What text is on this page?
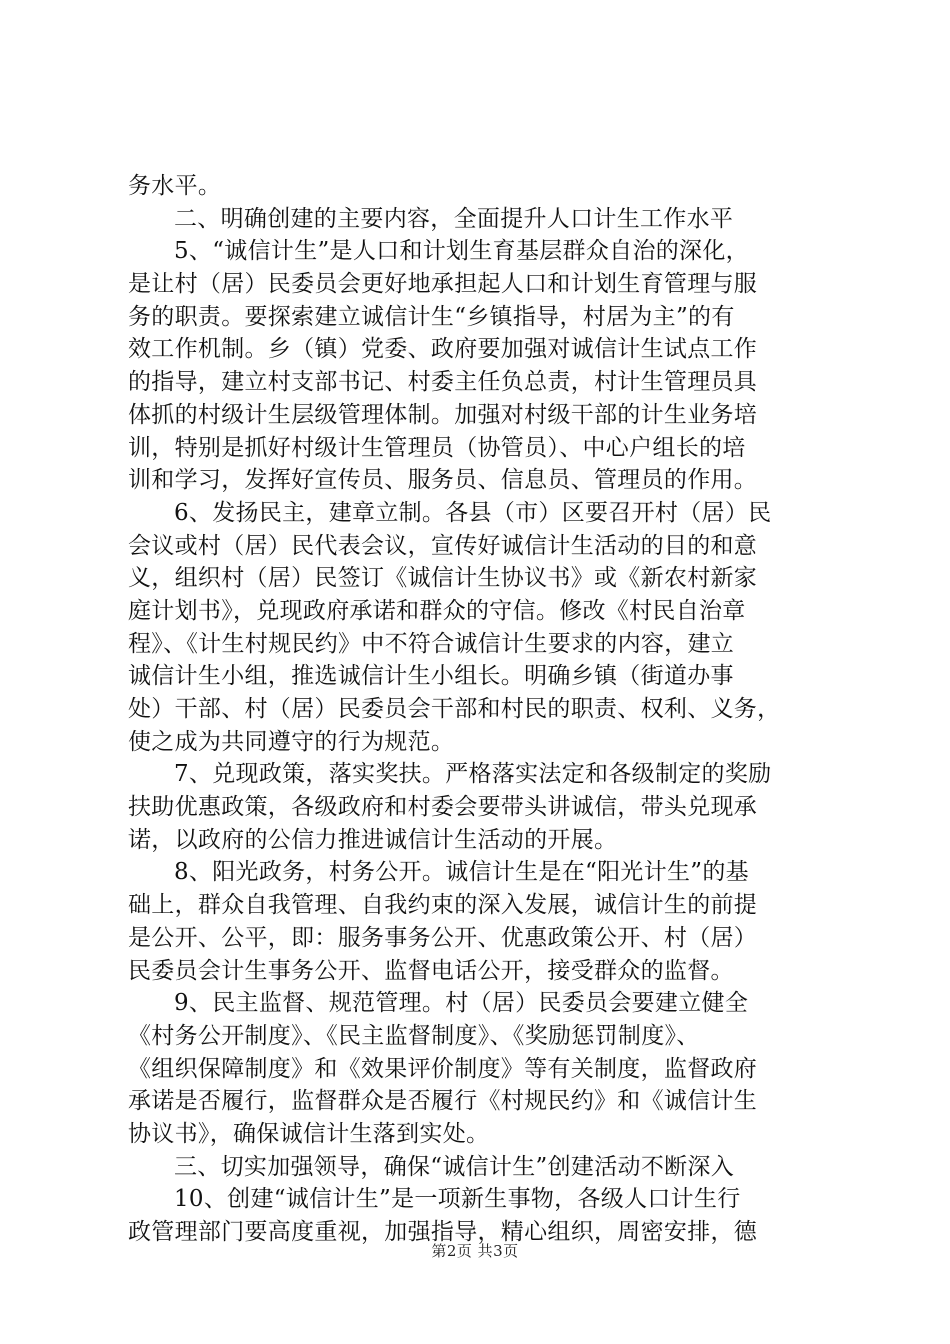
务水平。
二、明确创建的主要内容，全面提升人口计生工作水平
5、“诚信计生”是人口和计划生育基层群众自治的深化，
是让村（居）民委员会更好地承担起人口和计划生育管理与服
务的职责。要探索建立诚信计生“乡镇指导，村居为主”的有
效工作机制。乡（镇）党委、政府要加强对诚信计生试点工作
的指导，建立村支部书记、村委主任负总责，村计生管理员具
体抓的村级计生层级管理体制。加强对村级干部的计生业务培
训，特别是抓好村级计生管理员（协管员）、中心户组长的培
训和学习，发挥好宣传员、服务员、信息员、管理员的作用。
6、发扬民主，建章立制。各县（市）区要召开村（居）民
会议或村（居）民代表会议，宣传好诚信计生活动的目的和意
义，组织村（居）民签订《诚信计生协议书》或《新农村新家
庭计划书》，兑现政府承诺和群众的守信。修改《村民自治章
程》、《计生村规民约》中不符合诚信计生要求的内容，建立
诚信计生小组，推选诚信计生小组长。明确乡镇（街道办事
处）干部、村（居）民委员会干部和村民的职责、权利、义务，
使之成为共同遵守的行为规范。
7、兑现政策，落实奖扶。严格落实法定和各级制定的奖励
扶助优惠政策，各级政府和村委会要带头讲诚信，带头兑现承
诺，以政府的公信力推进诚信计生活动的开展。
8、阳光政务，村务公开。诚信计生是在“阳光计生”的基
础上，群众自我管理、自我约束的深入发展，诚信计生的前提
是公开、公平，即：服务事务公开、优惠政策公开、村（居）
民委员会计生事务公开、监督电话公开，接受群众的监督。
9、民主监督、规范管理。村（居）民委员会要建立健全
《村务公开制度》、《民主监督制度》、《奖励惩罚制度》、
《组织保障制度》和《效果评价制度》等有关制度，监督政府
承诺是否履行，监督群众是否履行《村规民约》和《诚信计生
协议书》，确保诚信计生落到实处。
三、切实加强领导，确保“诚信计生”创建活动不断深入
10、创建“诚信计生”是一项新生事物，各级人口计生行
政管理部门要高度重视，加强指导，精心组织，周密安排，德
第2页 共3页
